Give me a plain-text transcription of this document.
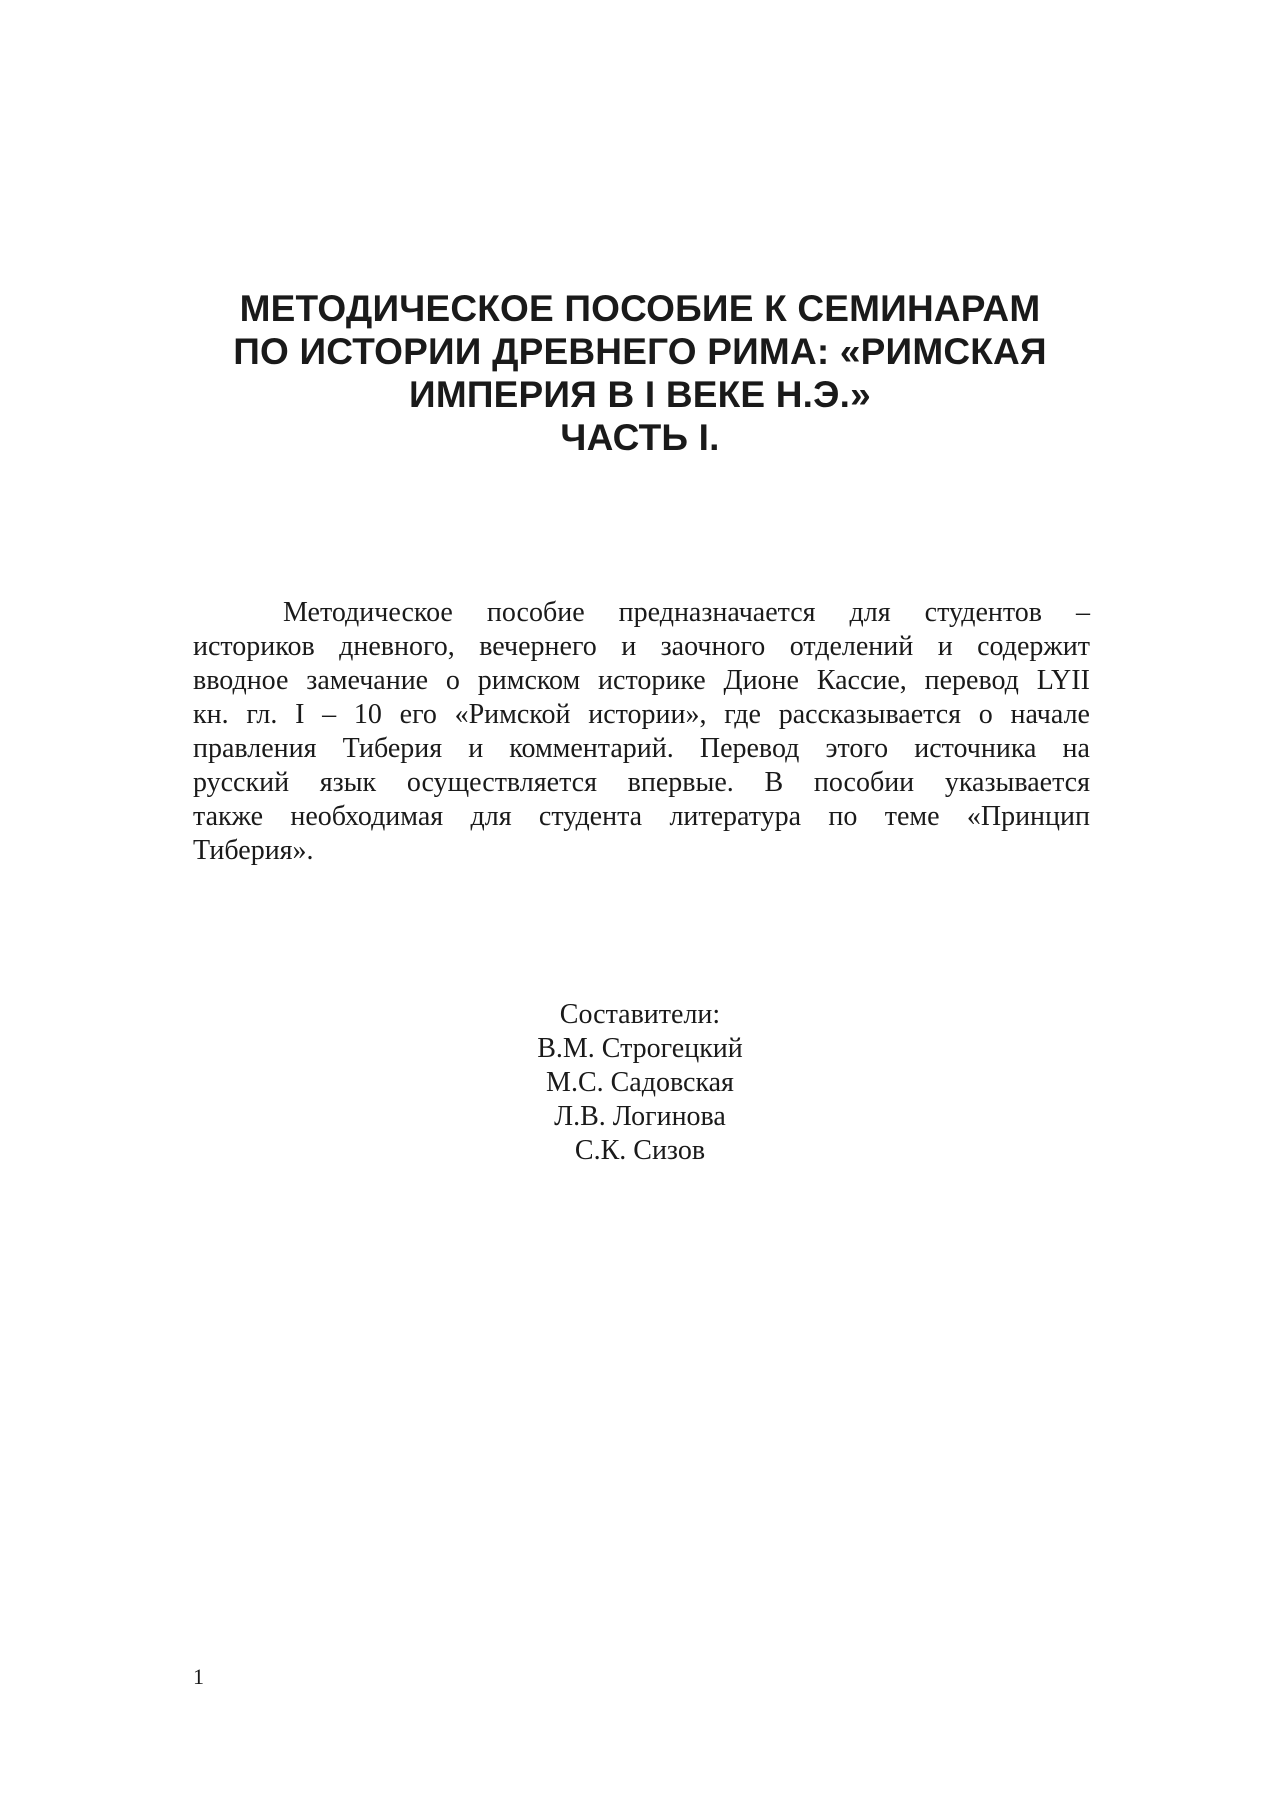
МЕТОДИЧЕСКОЕ ПОСОБИЕ К СЕМИНАРАМ
ПО ИСТОРИИ ДРЕВНЕГО РИМА: «РИМСКАЯ
ИМПЕРИЯ В I ВЕКЕ Н.Э.»
ЧАСТЬ I.
Методическое пособие предназначается для студентов –
историков дневного, вечернего и заочного отделений и содержит
вводное замечание о римском историке Дионе Кассие, перевод LYII
кн. гл. I – 10 его «Римской истории», где рассказывается о начале
правления Тиберия и комментарий. Перевод этого источника на
русский язык осуществляется впервые. В пособии указывается
также необходимая для студента литература по теме «Принцип
Тиберия».
Составители:
В.М. Строгецкий
М.С. Садовская
Л.В. Логинова
С.К. Сизов
1
